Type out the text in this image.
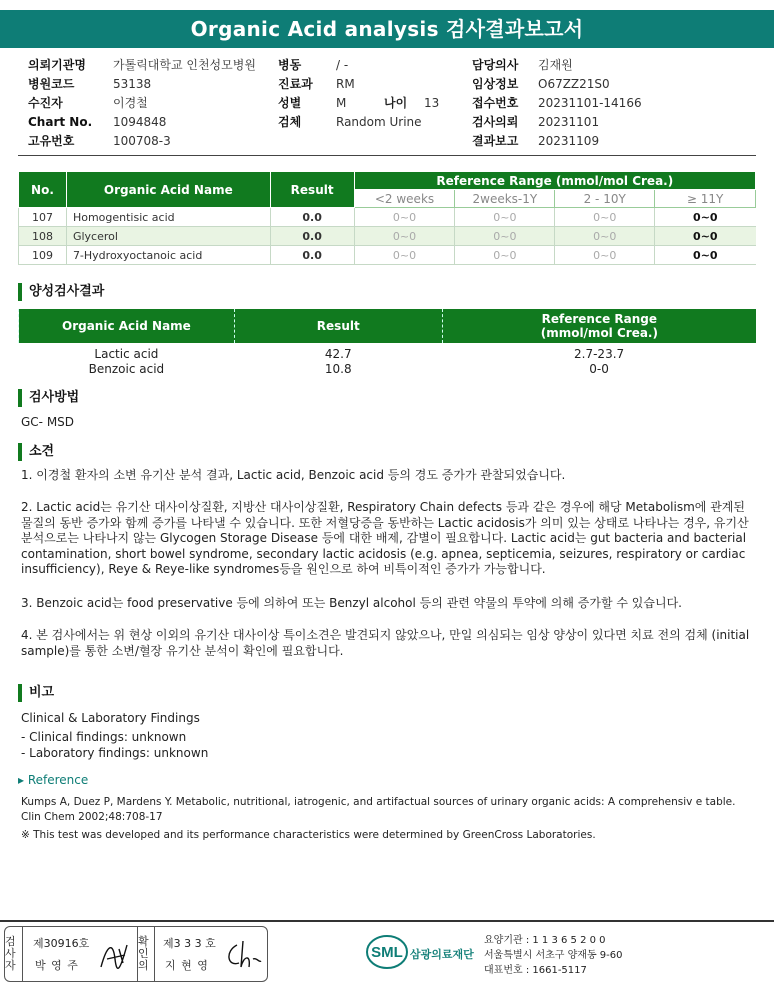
Organic Acid analysis 검사결과보고서
의뢰기관명	가톨릭대학교 인천성모병원
병원코드	53138
수진자	이경철
Chart No.	1094848
고유번호	100708-3
병동	/ -
진료과	RM
성별	M	나이	13
검체	Random Urine
담당의사	김재원
임상정보	O67ZZ21S0
접수번호	20231101-14166
검사의뢰	20231101
결과보고	20231109
No.	Organic Acid Name	Result	Reference Range (mmol/mol Crea.)			
			<2 weeks	2weeks-1Y	2 - 10Y	≥ 11Y
107	Homogentisic acid	0.0	0~0	0~0	0~0	0~0
108	Glycerol	0.0	0~0	0~0	0~0	0~0
109	7-Hydroxyoctanoic acid	0.0	0~0	0~0	0~0	0~0
양성검사결과
Organic Acid Name	Result	Reference Range
(mmol/mol Crea.)

Lactic acid	42.7	2.7-23.7
Benzoic acid	10.8	0-0
검사방법
GC- MSD
소견
1. 이경철 환자의 소변 유기산 분석 결과, Lactic acid, Benzoic acid 등의 경도 증가가 관찰되었습니다.
2. Lactic acid는 유기산 대사이상질환, 지방산 대사이상질환, Respiratory Chain defects 등과 같은 경우에 해당 Metabolism에 관계된 물질의 동반 증가와 함께 증가를 나타낼 수 있습니다. 또한 저혈당증을 동반하는 Lactic acidosis가 의미 있는 상태로 나타나는 경우, 유기산 분석으로는 나타나지 않는 Glycogen Storage Disease 등에 대한 배제, 감별이 필요합니다. Lactic acid는 gut bacteria and bacterial contamination, short bowel syndrome, secondary lactic acidosis (e.g. apnea, septicemia, seizures, respiratory or cardiac insufficiency), Reye & Reye-like syndromes등을 원인으로 하여 비특이적인 증가가 가능합니다.
3. Benzoic acid는 food preservative 등에 의하여 또는 Benzyl alcohol 등의 관련 약물의 투약에 의해 증가할 수 있습니다.
4. 본 검사에서는 위 현상 이외의 유기산 대사이상 특이소견은 발견되지 않았으나, 만일 의심되는 임상 양상이 있다면 치료 전의 검체 (initial sample)를 통한 소변/혈장 유기산 분석이 확인에 필요합니다.
비고
Clinical & Laboratory Findings
- Clinical findings: unknown
- Laboratory findings: unknown
▸ Reference
Kumps A, Duez P, Mardens Y. Metabolic, nutritional, iatrogenic, and artifactual sources of urinary organic acids: A comprehensiv e table. Clin Chem 2002;48:708-17
※ This test was developed and its performance characteristics were determined by GreenCross Laboratories.
검사자
제30916호
박 영 주
확인의
제3 3 3 호
지 현 영
SML 삼광의료재단
요양기관 : 1 1 3 6 5 2 0 0
서울특별시 서초구 양재동 9-60
대표번호 : 1661-5117
